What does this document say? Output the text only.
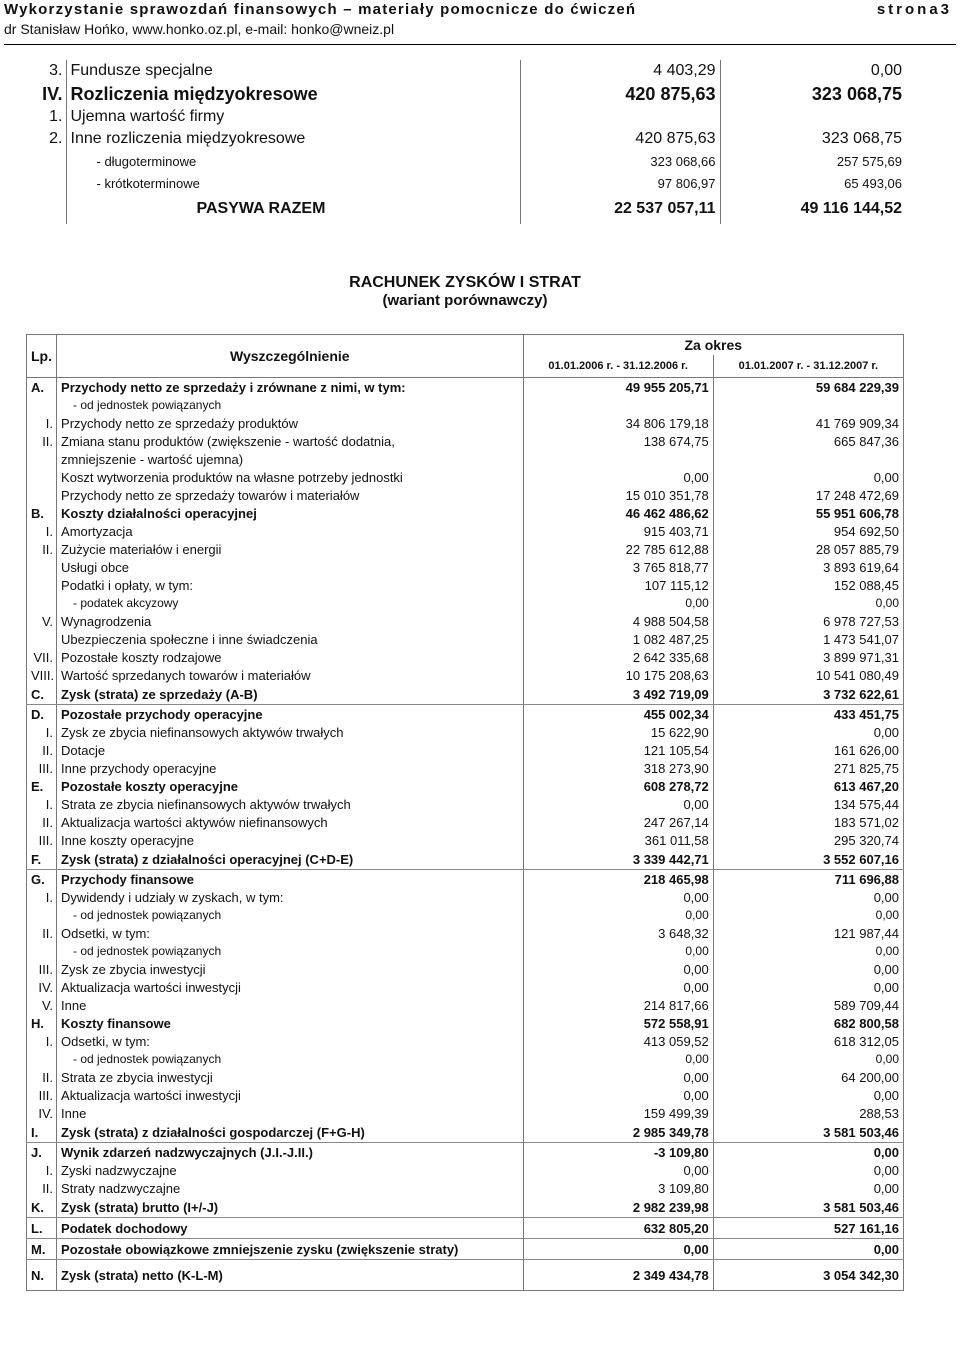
Wykorzystanie sprawozdań finansowych – materiały pomocnicze do ćwiczeń
dr Stanisław Hońko, www.honko.oz.pl, e-mail: honko@wneiz.pl
strona3
3.	Fundusze specjalne	4 403,29	0,00
IV.	Rozliczenia międzyokresowe	420 875,63	323 068,75
1.	Ujemna wartość firmy		
2.	Inne rozliczenia międzyokresowe	420 875,63	323 068,75
	- długoterminowe	323 068,66	257 575,69
	- krótkoterminowe	97 806,97	65 493,06
	PASYWA RAZEM	22 537 057,11	49 116 144,52
RACHUNEK ZYSKÓW I STRAT
(wariant porównawczy)
Lp.	Wyszczególnienie	Za okres	
		01.01.2006 r. - 31.12.2006 r.	01.01.2007 r. - 31.12.2007 r.
A.	Przychody netto ze sprzedaży i zrównane z nimi, w tym:	49 955 205,71	59 684 229,39
	- od jednostek powiązanych		
I.	Przychody netto ze sprzedaży produktów	34 806 179,18	41 769 909,34
II.	Zmiana stanu produktów (zwiększenie - wartość dodatnia,	138 674,75	665 847,36
	zmniejszenie - wartość ujemna)		
	Koszt wytworzenia produktów na własne potrzeby jednostki	0,00	0,00
	Przychody netto ze sprzedaży towarów i materiałów	15 010 351,78	17 248 472,69
B.	Koszty działalności operacyjnej	46 462 486,62	55 951 606,78
I.	Amortyzacja	915 403,71	954 692,50
II.	Zużycie materiałów i energii	22 785 612,88	28 057 885,79
	Usługi obce	3 765 818,77	3 893 619,64
	Podatki i opłaty, w tym:	107 115,12	152 088,45
	- podatek akcyzowy	0,00	0,00
V.	Wynagrodzenia	4 988 504,58	6 978 727,53
	Ubezpieczenia społeczne i inne świadczenia	1 082 487,25	1 473 541,07
VII.	Pozostałe koszty rodzajowe	2 642 335,68	3 899 971,31
VIII.	Wartość sprzedanych towarów i materiałów	10 175 208,63	10 541 080,49
C.	Zysk (strata) ze sprzedaży (A-B)	3 492 719,09	3 732 622,61
D.	Pozostałe przychody operacyjne	455 002,34	433 451,75
I.	Zysk ze zbycia niefinansowych aktywów trwałych	15 622,90	0,00
II.	Dotacje	121 105,54	161 626,00
III.	Inne przychody operacyjne	318 273,90	271 825,75
E.	Pozostałe koszty operacyjne	608 278,72	613 467,20
I.	Strata ze zbycia niefinansowych aktywów trwałych	0,00	134 575,44
II.	Aktualizacja wartości aktywów niefinansowych	247 267,14	183 571,02
III.	Inne koszty operacyjne	361 011,58	295 320,74
F.	Zysk (strata) z działalności operacyjnej (C+D-E)	3 339 442,71	3 552 607,16
G.	Przychody finansowe	218 465,98	711 696,88
I.	Dywidendy i udziały w zyskach, w tym:	0,00	0,00
	- od jednostek powiązanych	0,00	0,00
II.	Odsetki, w tym:	3 648,32	121 987,44
	- od jednostek powiązanych	0,00	0,00
III.	Zysk ze zbycia inwestycji	0,00	0,00
IV.	Aktualizacja wartości inwestycji	0,00	0,00
V.	Inne	214 817,66	589 709,44
H.	Koszty finansowe	572 558,91	682 800,58
I.	Odsetki, w tym:	413 059,52	618 312,05
	- od jednostek powiązanych	0,00	0,00
II.	Strata ze zbycia inwestycji	0,00	64 200,00
III.	Aktualizacja wartości inwestycji	0,00	0,00
IV.	Inne	159 499,39	288,53
I.	Zysk (strata) z działalności gospodarczej (F+G-H)	2 985 349,78	3 581 503,46
J.	Wynik zdarzeń nadzwyczajnych (J.I.-J.II.)	-3 109,80	0,00
I.	Zyski nadzwyczajne	0,00	0,00
II.	Straty nadzwyczajne	3 109,80	0,00
K.	Zysk (strata) brutto (I+/-J)	2 982 239,98	3 581 503,46
L.	Podatek dochodowy	632 805,20	527 161,16
M.	Pozostałe obowiązkowe zmniejszenie zysku (zwiększenie straty)	0,00	0,00
N.	Zysk (strata) netto (K-L-M)	2 349 434,78	3 054 342,30
